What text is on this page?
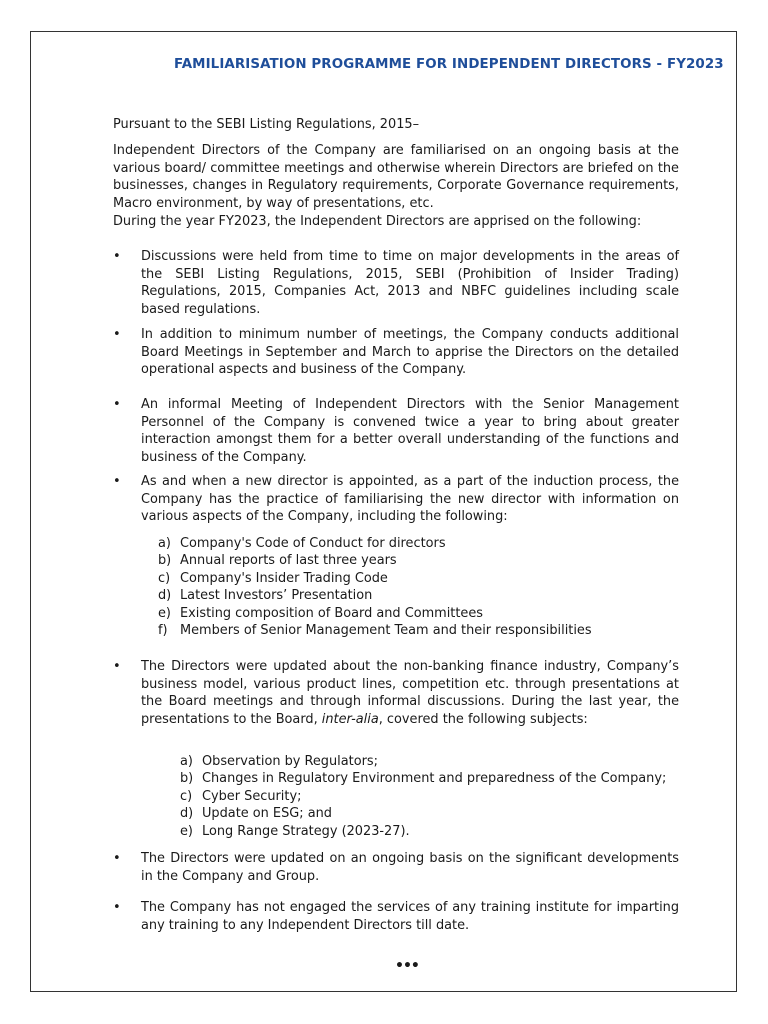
FAMILIARISATION PROGRAMME FOR INDEPENDENT DIRECTORS - FY2023

Pursuant to the SEBI Listing Regulations, 2015–

Independent Directors of the Company are familiarised on an ongoing basis at the various board/ committee meetings and otherwise wherein Directors are briefed on the businesses, changes in Regulatory requirements, Corporate Governance requirements, Macro environment, by way of presentations, etc.

During the year FY2023, the Independent Directors are apprised on the following:

•	Discussions were held from time to time on major developments in the areas of the SEBI Listing Regulations, 2015, SEBI (Prohibition of Insider Trading) Regulations, 2015, Companies Act, 2013 and NBFC guidelines including scale based regulations.

•	In addition to minimum number of meetings, the Company conducts additional Board Meetings in September and March to apprise the Directors on the detailed operational aspects and business of the Company.

•	An informal Meeting of Independent Directors with the Senior Management Personnel of the Company is convened twice a year to bring about greater interaction amongst them for a better overall understanding of the functions and business of the Company.

•	As and when a new director is appointed, as a part of the induction process, the Company has the practice of familiarising the new director with information on various aspects of the Company, including the following:

a) Company's Code of Conduct for directors
b) Annual reports of last three years
c) Company's Insider Trading Code
d) Latest Investors’ Presentation
e) Existing composition of Board and Committees
f) Members of Senior Management Team and their responsibilities
•	The Directors were updated about the non-banking finance industry, Company’s business model, various product lines, competition etc. through presentations at the Board meetings and through informal discussions. During the last year, the presentations to the Board, inter-alia, covered the following subjects:

a) Observation by Regulators;
b) Changes in Regulatory Environment and preparedness of the Company;
c) Cyber Security;
d) Update on ESG; and
e) Long Range Strategy (2023-27).
•	The Directors were updated on an ongoing basis on the significant developments in the Company and Group.

•	The Company has not engaged the services of any training institute for imparting any training to any Independent Directors till date.

•••
